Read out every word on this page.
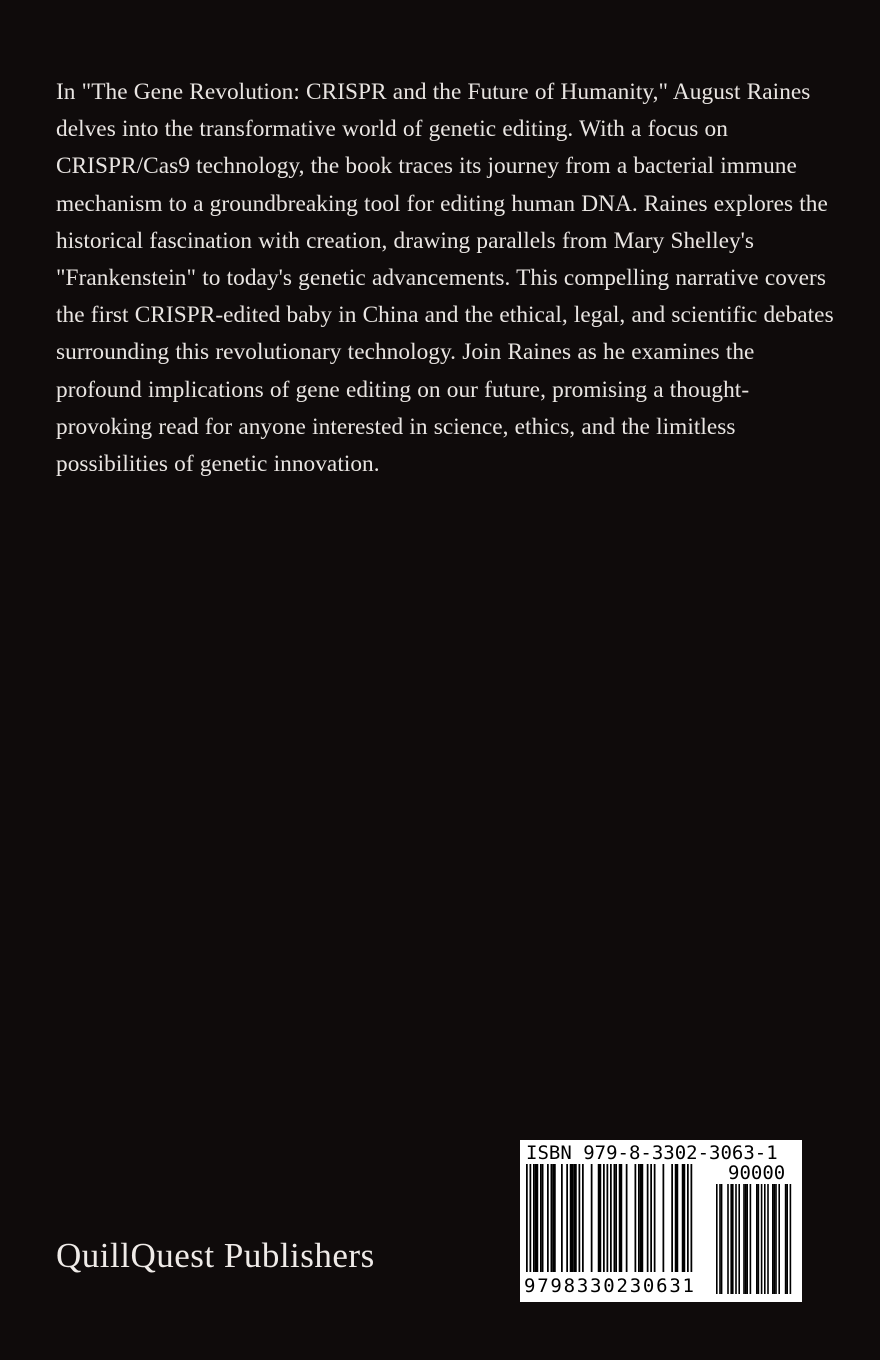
In "The Gene Revolution: CRISPR and the Future of Humanity," August Raines delves into the transformative world of genetic editing. With a focus on CRISPR/Cas9 technology, the book traces its journey from a bacterial immune mechanism to a groundbreaking tool for editing human DNA. Raines explores the historical fascination with creation, drawing parallels from Mary Shelley's "Frankenstein" to today's genetic advancements. This compelling narrative covers the first CRISPR-edited baby in China and the ethical, legal, and scientific debates surrounding this revolutionary technology. Join Raines as he examines the profound implications of gene editing on our future, promising a thought-provoking read for anyone interested in science, ethics, and the limitless possibilities of genetic innovation.

QuillQuest Publishers
ISBN 979-8-3302-3063-1
90000
9798330230631
